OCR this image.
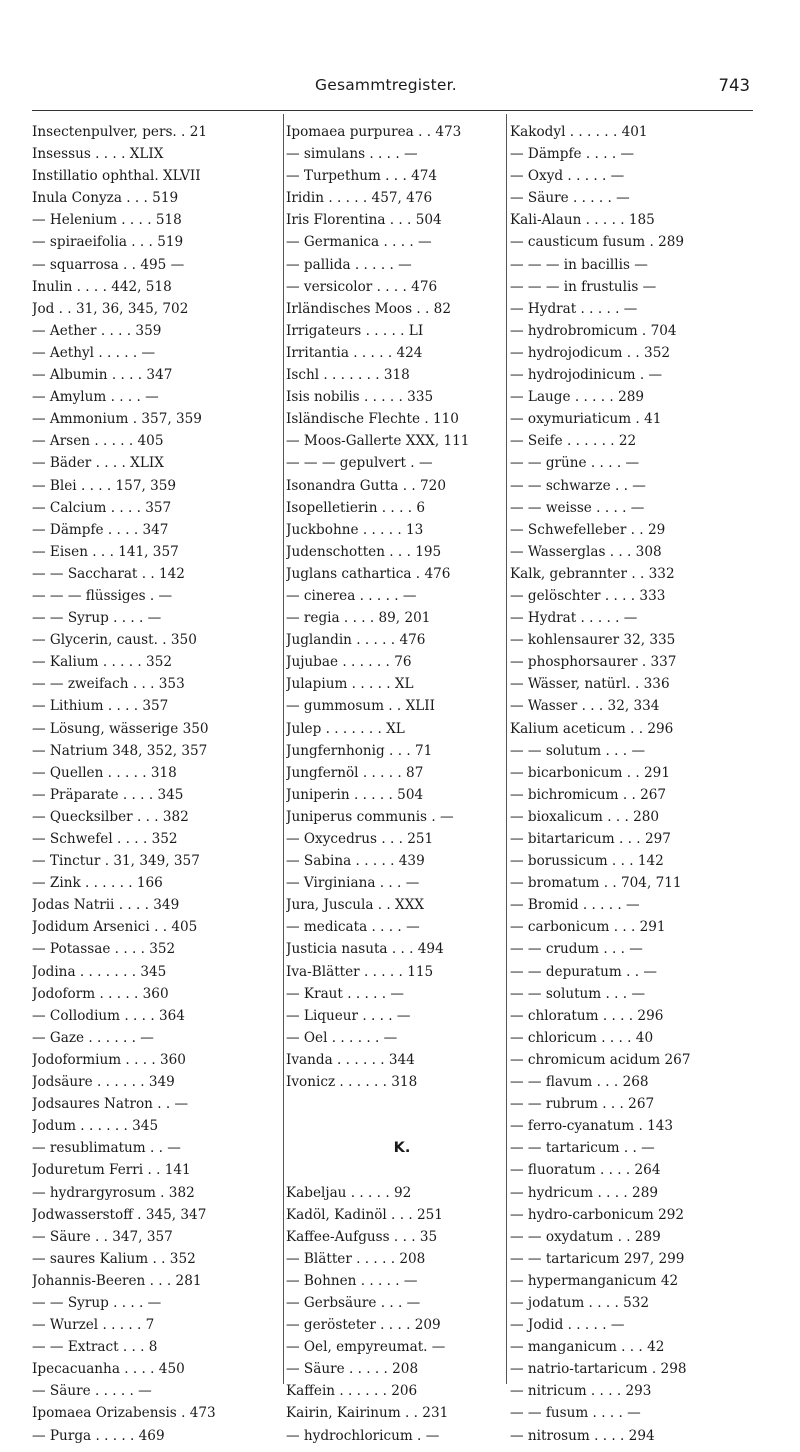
Gesammtregister.	743
Insectenpulver, pers. . 21
Insessus . . . . XLIX
Instillatio ophthal. XLVII
Inula Conyza . . . 519
— Helenium . . . . 518
— spiraeifolia . . . 519
— squarrosa . . 495 —
Inulin . . . . 442, 518
Jod . . 31, 36, 345, 702
— Aether . . . . 359
— Aethyl . . . . . —
— Albumin . . . . 347
— Amylum . . . . —
— Ammonium . 357, 359
— Arsen . . . . . 405
— Bäder . . . . XLIX
— Blei . . . . 157, 359
— Calcium . . . . 357
— Dämpfe . . . . 347
— Eisen . . . 141, 357
— — Saccharat . . 142
— — — flüssiges . —
— — Syrup . . . . —
— Glycerin, caust. . 350
— Kalium . . . . . 352
— — zweifach . . . 353
— Lithium . . . . 357
— Lösung, wässerige 350
— Natrium 348, 352, 357
— Quellen . . . . . 318
— Präparate . . . . 345
— Quecksilber . . . 382
— Schwefel . . . . 352
— Tinctur . 31, 349, 357
— Zink . . . . . . 166
Jodas Natrii . . . . 349
Jodidum Arsenici . . 405
— Potassae . . . . 352
Jodina . . . . . . . 345
Jodoform . . . . . 360
— Collodium . . . . 364
— Gaze . . . . . . —
Jodoformium . . . . 360
Jodsäure . . . . . . 349
Jodsaures Natron . . —
Jodum . . . . . . 345
— resublimatum . . —
Joduretum Ferri . . 141
— hydrargyrosum . 382
Jodwasserstoff . 345, 347
— Säure . . 347, 357
— saures Kalium . . 352
Johannis-Beeren . . . 281
— — Syrup . . . . —
— Wurzel . . . . . 7
— — Extract . . . 8
Ipecacuanha . . . . 450
— Säure . . . . . —
Ipomaea Orizabensis . 473
— Purga . . . . . 469
Ipomaea purpurea . . 473
— simulans . . . . —
— Turpethum . . . 474
Iridin . . . . . 457, 476
Iris Florentina . . . 504
— Germanica . . . . —
— pallida . . . . . —
— versicolor . . . . 476
Irländisches Moos . . 82
Irrigateurs . . . . . LI
Irritantia . . . . . 424
Ischl . . . . . . . 318
Isis nobilis . . . . . 335
Isländische Flechte . 110
— Moos-Gallerte XXX, 111
— — — gepulvert . —
Isonandra Gutta . . 720
Isopelletierin . . . . 6
Juckbohne . . . . . 13
Judenschotten . . . 195
Juglans cathartica . 476
— cinerea . . . . . —
— regia . . . . 89, 201
Juglandin . . . . . 476
Jujubae . . . . . . 76
Julapium . . . . . XL
— gummosum . . XLII
Julep . . . . . . . XL
Jungfernhonig . . . 71
Jungfernöl . . . . . 87
Juniperin . . . . . 504
Juniperus communis . —
— Oxycedrus . . . 251
— Sabina . . . . . 439
— Virginiana . . . —
Jura, Juscula . . XXX
— medicata . . . . —
Justicia nasuta . . . 494
Iva-Blätter . . . . . 115
— Kraut . . . . . —
— Liqueur . . . . —
— Oel . . . . . . —
Ivanda . . . . . . 344
Ivonicz . . . . . . 318
K.
Kabeljau . . . . . 92
Kadöl, Kadinöl . . . 251
Kaffee-Aufguss . . . 35
— Blätter . . . . . 208
— Bohnen . . . . . —
— Gerbsäure . . . —
— gerösteter . . . . 209
— Oel, empyreumat. —
— Säure . . . . . 208
Kaffein . . . . . . 206
Kairin, Kairinum . . 231
— hydrochloricum . —
Kakodyl . . . . . . 401
— Dämpfe . . . . —
— Oxyd . . . . . —
— Säure . . . . . —
Kali-Alaun . . . . . 185
— causticum fusum . 289
— — — in bacillis —
— — — in frustulis —
— Hydrat . . . . . —
— hydrobromicum . 704
— hydrojodicum . . 352
— hydrojodinicum . —
— Lauge . . . . . 289
— oxymuriaticum . 41
— Seife . . . . . . 22
— — grüne . . . . —
— — schwarze . . —
— — weisse . . . . —
— Schwefelleber . . 29
— Wasserglas . . . 308
Kalk, gebrannter . . 332
— gelöschter . . . . 333
— Hydrat . . . . . —
— kohlensaurer 32, 335
— phosphorsaurer . 337
— Wässer, natürl. . 336
— Wasser . . . 32, 334
Kalium aceticum . . 296
— — solutum . . . —
— bicarbonicum . . 291
— bichromicum . . 267
— bioxalicum . . . 280
— bitartaricum . . . 297
— borussicum . . . 142
— bromatum . . 704, 711
— Bromid . . . . . —
— carbonicum . . . 291
— — crudum . . . —
— — depuratum . . —
— — solutum . . . —
— chloratum . . . . 296
— chloricum . . . . 40
— chromicum acidum 267
— — flavum . . . 268
— — rubrum . . . 267
— ferro-cyanatum . 143
— — tartaricum . . —
— fluoratum . . . . 264
— hydricum . . . . 289
— hydro-carbonicum 292
— — oxydatum . . 289
— — tartaricum 297, 299
— hypermanganicum 42
— jodatum . . . . 532
— Jodid . . . . . —
— manganicum . . . 42
— natrio-tartaricum . 298
— nitricum . . . . 293
— — fusum . . . . —
— nitrosum . . . . 294
